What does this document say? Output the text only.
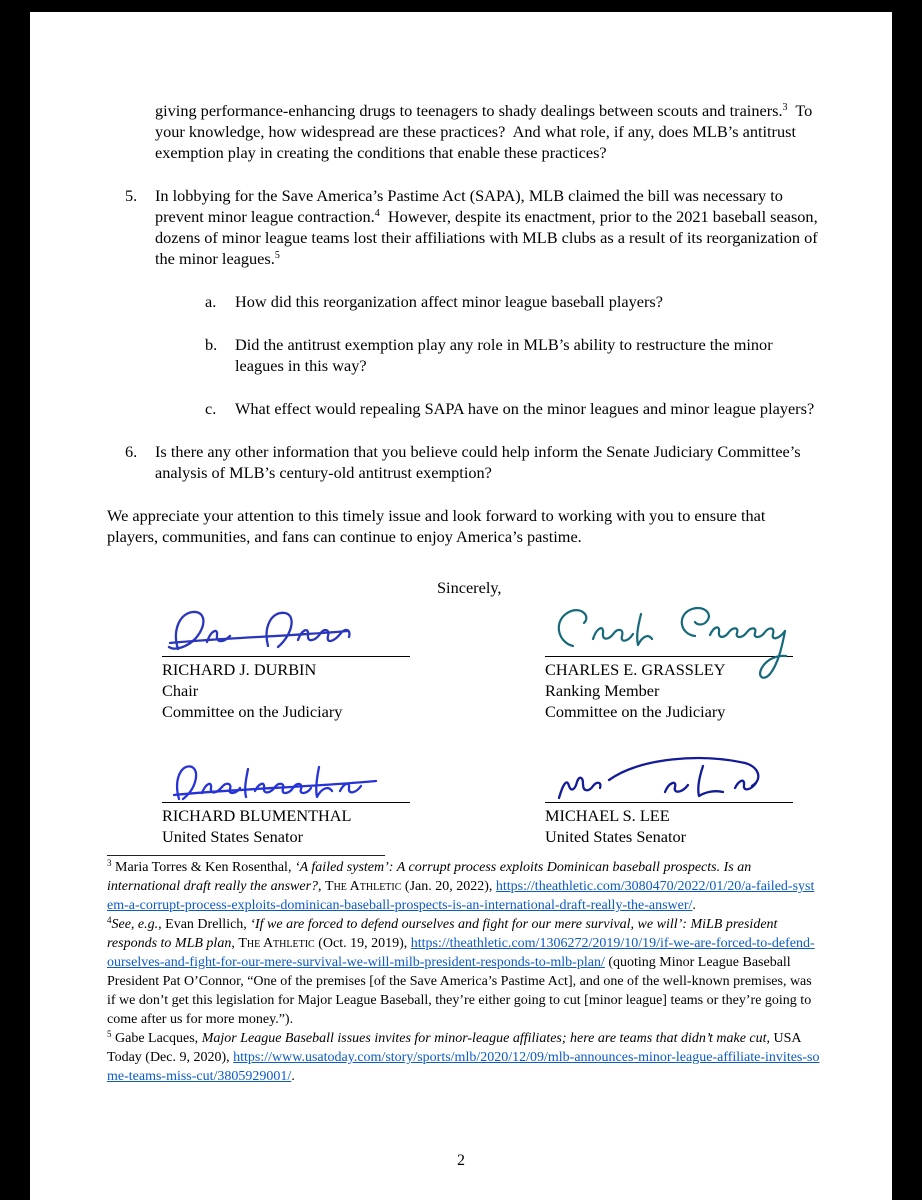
giving performance-enhancing drugs to teenagers to shady dealings between scouts and trainers.$^3$  To your knowledge, how widespread are these practices?  And what role, if any, does MLB’s antitrust exemption play in creating the conditions that enable these practices?
5.	In lobbying for the Save America’s Pastime Act (SAPA), MLB claimed the bill was necessary to prevent minor league contraction.$^4$  However, despite its enactment, prior to the 2021 baseball season, dozens of minor league teams lost their affiliations with MLB clubs as a result of its reorganization of the minor leagues.$^5$
a.	How did this reorganization affect minor league baseball players?
b.	Did the antitrust exemption play any role in MLB’s ability to restructure the minor leagues in this way?
c.	What effect would repealing SAPA have on the minor leagues and minor league players?
6.	Is there any other information that you believe could help inform the Senate Judiciary Committee’s analysis of MLB’s century-old antitrust exemption?
We appreciate your attention to this timely issue and look forward to working with you to ensure that players, communities, and fans can continue to enjoy America’s pastime.
Sincerely,
RICHARD J. DURBIN
Chair
Committee on the Judiciary
CHARLES E. GRASSLEY
Ranking Member
Committee on the Judiciary
RICHARD BLUMENTHAL
United States Senator
MICHAEL S. LEE
United States Senator
$^3$ Maria Torres & Ken Rosenthal, ‘A failed system’: A corrupt process exploits Dominican baseball prospects. Is an international draft really the answer?, The Athletic (Jan. 20, 2022), https://theathletic.com/3080470/2022/01/20/a-failed-system-a-corrupt-process-exploits-dominican-baseball-prospects-is-an-international-draft-really-the-answer/.
$^4$See, e.g., Evan Drellich, ‘If we are forced to defend ourselves and fight for our mere survival, we will’: MiLB president responds to MLB plan, The Athletic (Oct. 19, 2019), https://theathletic.com/1306272/2019/10/19/if-we-are-forced-to-defend-ourselves-and-fight-for-our-mere-survival-we-will-milb-president-responds-to-mlb-plan/ (quoting Minor League Baseball President Pat O’Connor, “One of the premises [of the Save America’s Pastime Act], and one of the well-known premises, was if we don’t get this legislation for Major League Baseball, they’re either going to cut [minor league] teams or they’re going to come after us for more money.”).
$^5$ Gabe Lacques, Major League Baseball issues invites for minor-league affiliates; here are teams that didn’t make cut, USA Today (Dec. 9, 2020), https://www.usatoday.com/story/sports/mlb/2020/12/09/mlb-announces-minor-league-affiliate-invites-some-teams-miss-cut/3805929001/.
2
